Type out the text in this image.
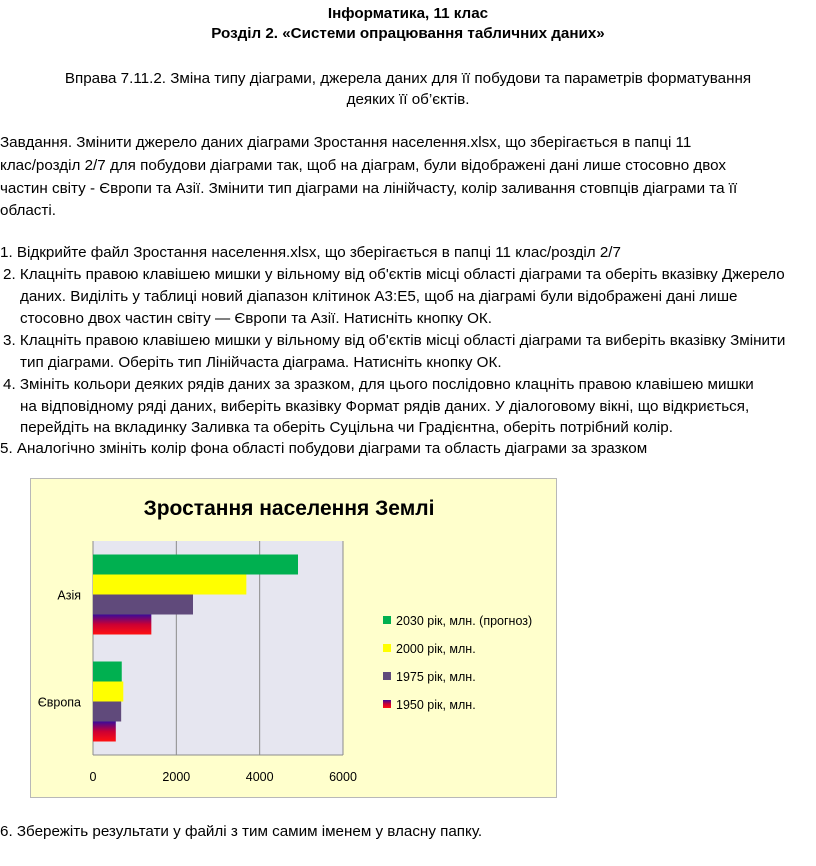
Інформатика, 11 клас
Розділ 2. «Системи опрацювання табличних даних»
Вправа 7.11.2. Зміна типу діаграми, джерела даних для її побудови та параметрів форматування
деяких її об’єктів.
Завдання. Змінити джерело даних діаграми Зростання населення.xlsx, що зберігається в папці 11
клас/розділ 2/7 для побудови діаграми так, щоб на діаграм, були відображені дані лише стосовно двох
частин світу - Європи та Азії. Змінити тип діаграми на лінійчасту, колір заливання стовпців діаграми та її
області.
1. Відкрийте файл Зростання населення.xlsx, що зберігається в папці 11 клас/розділ 2/7
2. Клацніть правою клавішею мишки у вільному від об'єктів місці області діаграми та оберіть вказівку Джерело
даних. Виділіть у таблиці новий діапазон клітинок А3:Е5, щоб на діаграмі були відображені дані лише
стосовно двох частин світу — Європи та Азії. Натисніть кнопку ОК.
3. Клацніть правою клавішею мишки у вільному від об'єктів місці області діаграми та виберіть вказівку Змінити
тип діаграми. Оберіть тип Лінійчаста діаграма. Натисніть кнопку ОК.
4. Змініть кольори деяких рядів даних за зразком, для цього послідовно клацніть правою клавішею мишки
на відповідному ряді даних, виберіть вказівку Формат рядів даних. У діалоговому вікні, що відкриється,
перейдіть на вкладинку Заливка та оберіть Суцільна чи Градієнтна, оберіть потрібний колір.
5. Аналогічно змініть колір фона області побудови діаграми та область діаграми за зразком
Зростання населення Землі
0	2000	4000	6000
Європа
Азія
2030 рік, млн. (прогноз)
2000 рік, млн.
1975 рік, млн.
1950 рік, млн.
6. Збережіть результати у файлі з тим самим іменем у власну папку.
